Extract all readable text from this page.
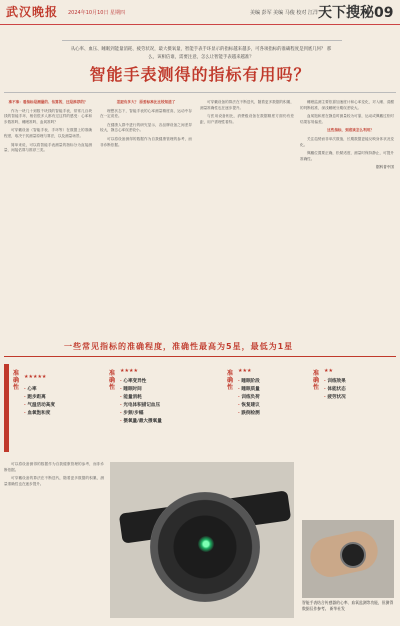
武汉晚报 2024年10月10日 星期四	美编 彭军 美编 马俊 校对 江洋 天下搜秘09
从心率、血压、睡眠到能量消耗、疲劳状况，最大摄氧量，智能手表手环显示的指标越来越多，可各项指标的准确程度是到底几何？ 那么，该相信谁，需要注意，怎么让智能手表越来越准？
智能手表测得的指标有用吗？

准不准：看指标是测量的、估算的，还是推荐的？

作为一块几十到数千块钱的智能手表，常常几百块钱的智能手环，相信很多人都有过这样的感受：心率和步数准吗，睡眠准吗，血氧准吗？

可穿戴设备（智能手表、手环等）在数据上的准确程度，取决于其测量原理与算法，以及测量场景。

简单来说，可以将智能手表测量的指标分为直接测量、间接估算与推荐三类。

差距有多大？ 原委标准比比较知道了

理想状态下，智能手表的心率测量精度高，运动中存在一定误差。

在健康人群中进行的研究显示，各品牌设备之间差异较大，静态心率误差较小。

可以将设备测得的数据作为自我健康管理的参考，而非诊断依据。

可穿戴设备的算法在不断迭代，随着更多数据的积累，测量准确性也在逐步提升。

与医用设备相比，消费级设备在数据精度方面仍有差距，用户需理性看待。

睡眠监测主要依靠加速度计和心率变化，对入睡、清醒的判断较准，深浅睡眠分期误差较大。

血氧饱和度在静息时测量较为可靠，运动或佩戴过松时结果容易偏差。

这些指标，到底该怎么利用？

关注趋势而非单次数值，长期数据更能反映身体状况变化。

佩戴位置要正确，松紧适度，测量时保持静止，可提升准确性。

据科普中国

一些常见指标的准确程度，准确性最高为5星，最低为1星
准确性
★★★★★
· 心率
· 跑步距离
· 气温活动高度
· 血氧饱和度
准确性
★★★★
· 心率变异性
· 睡眠时间
· 能量消耗
· 光电体积描记血压
· 步频/步幅
· 摄氧量/最大摄氧量
准确性
★★★
· 睡眠阶段
· 睡眠质量
· 训练负荷
· 恢复建议
· 跌倒检测
准确性
★★
· 训练效果
· 体能状态
· 疲劳状况

可以将设备测得的数据作为自我健康管理的参考，而非诊断依据。

可穿戴设备的算法在不断迭代，随着更多数据的积累，测量准确性也在逐步提升。

智能手表结合传感器的心率、血氧监测等功能，但测得数据仅作参考。 新华社发
